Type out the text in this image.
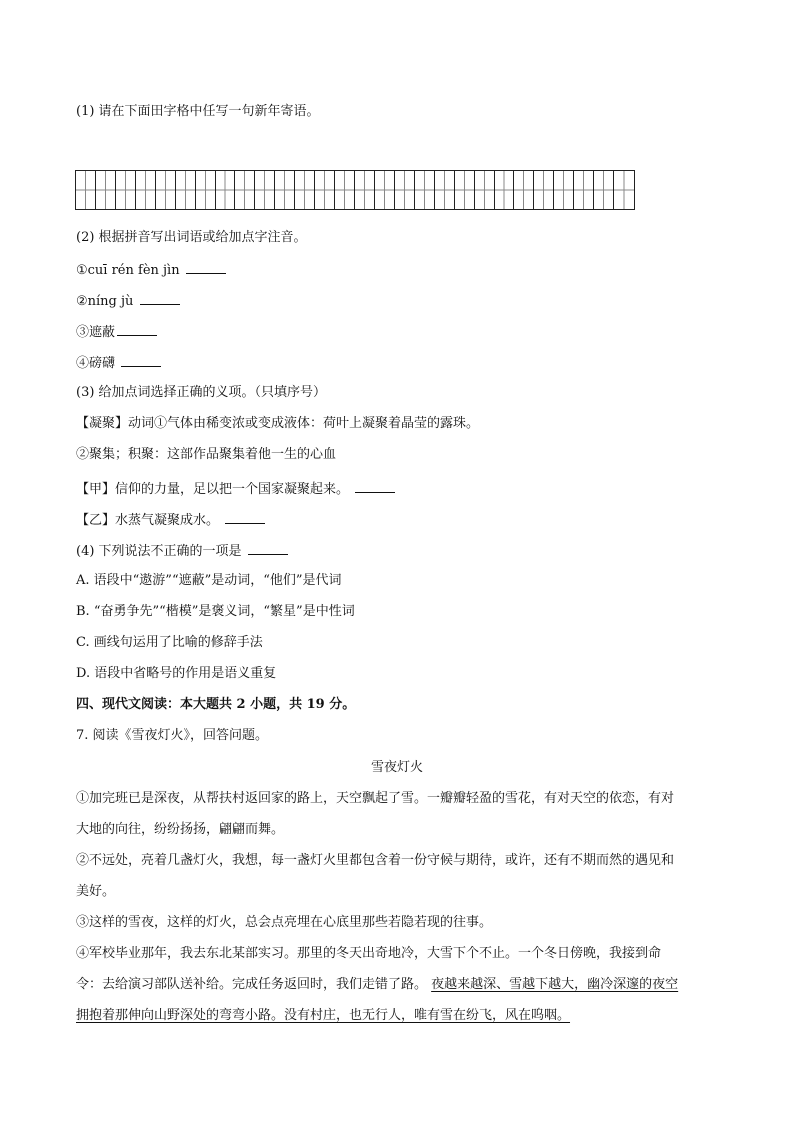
(1) 请在下面田字格中任写一句新年寄语。

(2) 根据拼音写出词语或给加点字注音。

①cuī rén fèn jìn

②níng jù

③遮蔽

④磅礴

(3) 给加点词选择正确的义项。（只填序号）

【凝聚】动词①气体由稀变浓或变成液体：荷叶上凝聚着晶莹的露珠。

②聚集；积聚：这部作品聚集着他一生的心血

【甲】信仰的力量，足以把一个国家凝聚起来。

【乙】水蒸气凝聚成水。

(4) 下列说法不正确的一项是

A. 语段中“遨游”“遮蔽”是动词，“他们”是代词

B. “奋勇争先”“楷模”是褒义词，“繁星”是中性词

C. 画线句运用了比喻的修辞手法

D. 语段中省略号的作用是语义重复

四、现代文阅读：本大题共 2 小题，共 19 分。

7. 阅读《雪夜灯火》，回答问题。

雪夜灯火

①加完班已是深夜，从帮扶村返回家的路上，天空飘起了雪。一瓣瓣轻盈的雪花，有对天空的依恋，有对

大地的向往，纷纷扬扬，翩翩而舞。

②不远处，亮着几盏灯火，我想，每一盏灯火里都包含着一份守候与期待，或许，还有不期而然的遇见和

美好。

③这样的雪夜，这样的灯火，总会点亮埋在心底里那些若隐若现的往事。

④军校毕业那年，我去东北某部实习。那里的冬天出奇地冷，大雪下个不止。一个冬日傍晚，我接到命

令：去给演习部队送补给。完成任务返回时，我们走错了路。 夜越来越深、雪越下越大，幽冷深邃的夜空

拥抱着那伸向山野深处的弯弯小路。没有村庄，也无行人，唯有雪在纷飞，风在呜咽。
